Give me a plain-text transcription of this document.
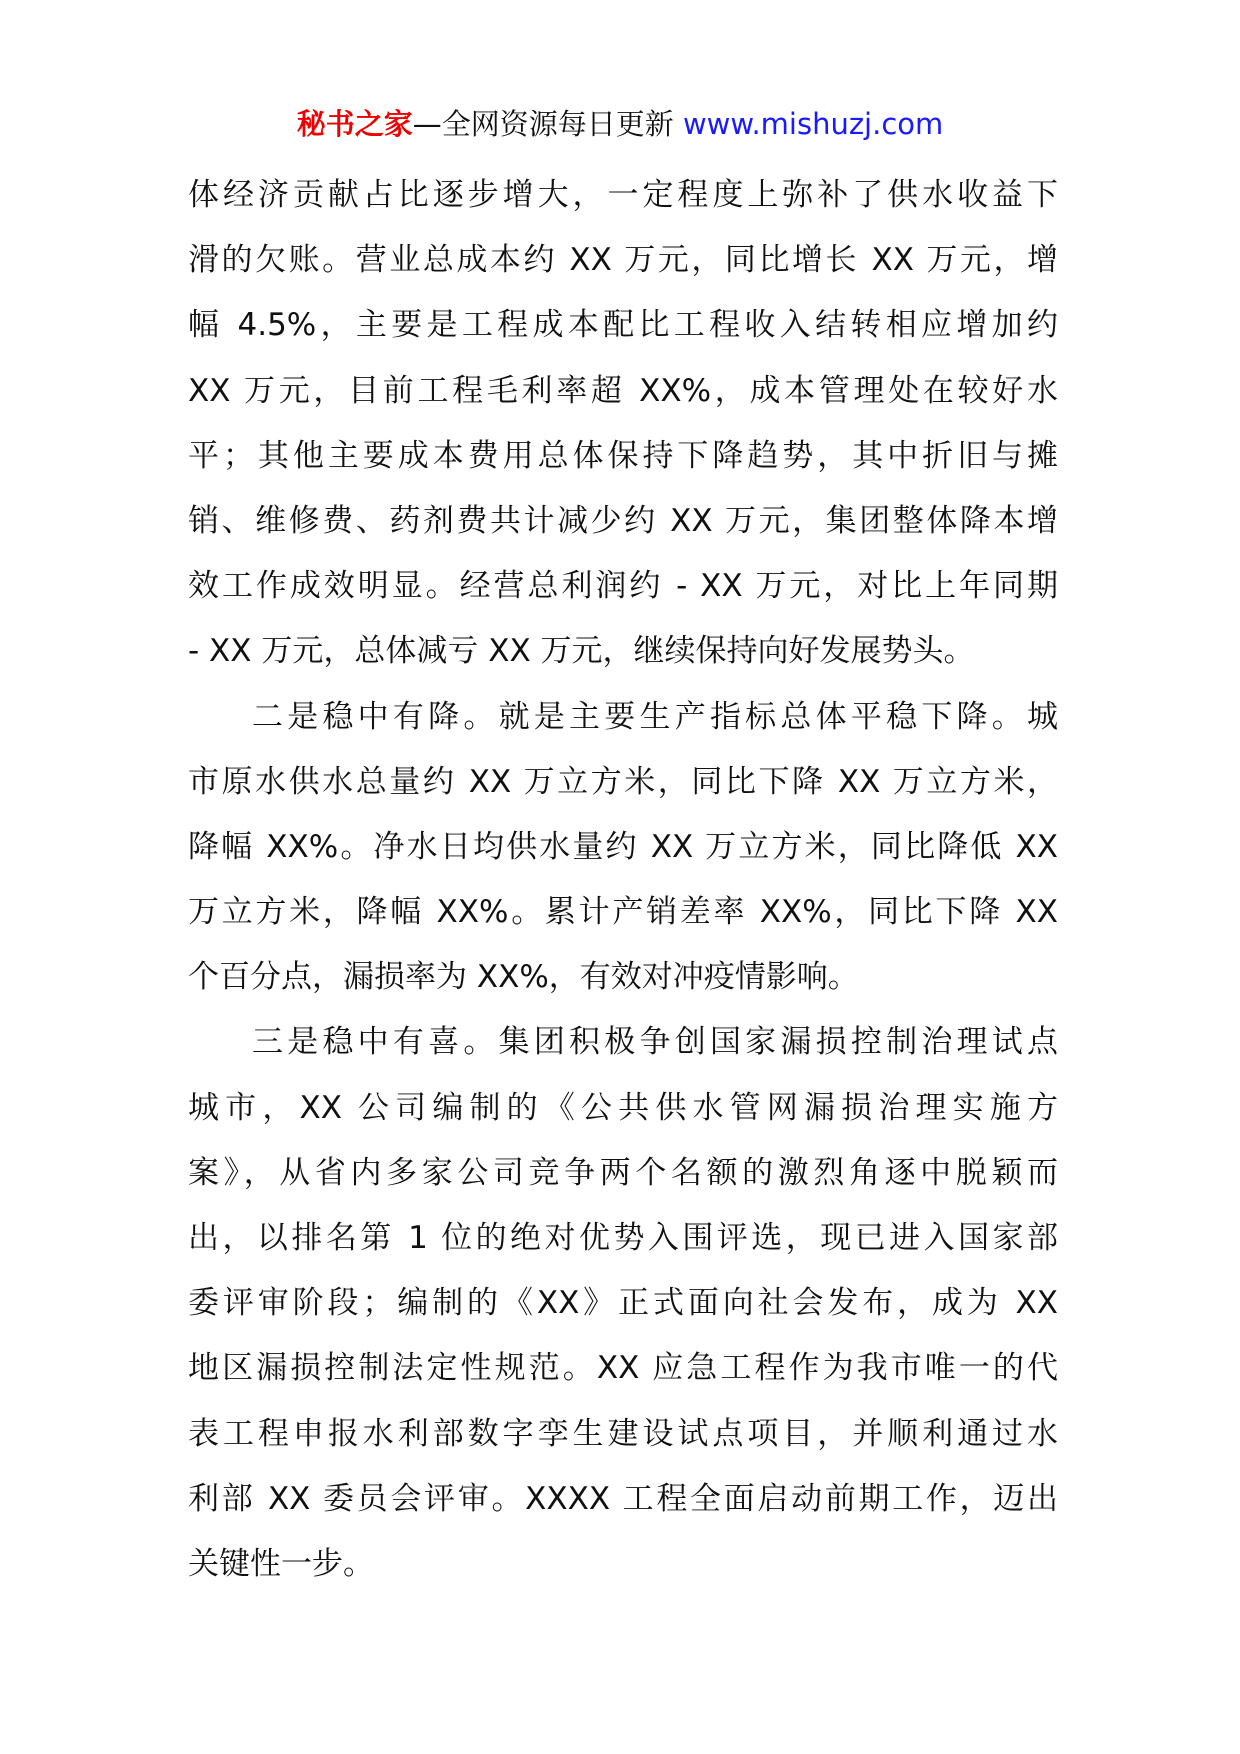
秘书之家—全网资源每日更新 www.mishuzj.com
体经济贡献占比逐步增大，一定程度上弥补了供水收益下
滑的欠账。营业总成本约 XX 万元，同比增长 XX 万元，增
幅 4.5%，主要是工程成本配比工程收入结转相应增加约
XX 万元，目前工程毛利率超 XX%，成本管理处在较好水
平；其他主要成本费用总体保持下降趋势，其中折旧与摊
销、维修费、药剂费共计减少约 XX 万元，集团整体降本增
效工作成效明显。经营总利润约 - XX 万元，对比上年同期
- XX 万元，总体减亏 XX 万元，继续保持向好发展势头。
二是稳中有降。就是主要生产指标总体平稳下降。城
市原水供水总量约 XX 万立方米，同比下降 XX 万立方米，
降幅 XX%。净水日均供水量约 XX 万立方米，同比降低 XX
万立方米，降幅 XX%。累计产销差率 XX%，同比下降 XX
个百分点，漏损率为 XX%，有效对冲疫情影响。
三是稳中有喜。集团积极争创国家漏损控制治理试点
城市，XX 公司编制的《公共供水管网漏损治理实施方
案》，从省内多家公司竞争两个名额的激烈角逐中脱颖而
出，以排名第 1 位的绝对优势入围评选，现已进入国家部
委评审阶段；编制的《XX》正式面向社会发布，成为 XX
地区漏损控制法定性规范。XX 应急工程作为我市唯一的代
表工程申报水利部数字孪生建设试点项目，并顺利通过水
利部 XX 委员会评审。XXXX 工程全面启动前期工作，迈出
关键性一步。
